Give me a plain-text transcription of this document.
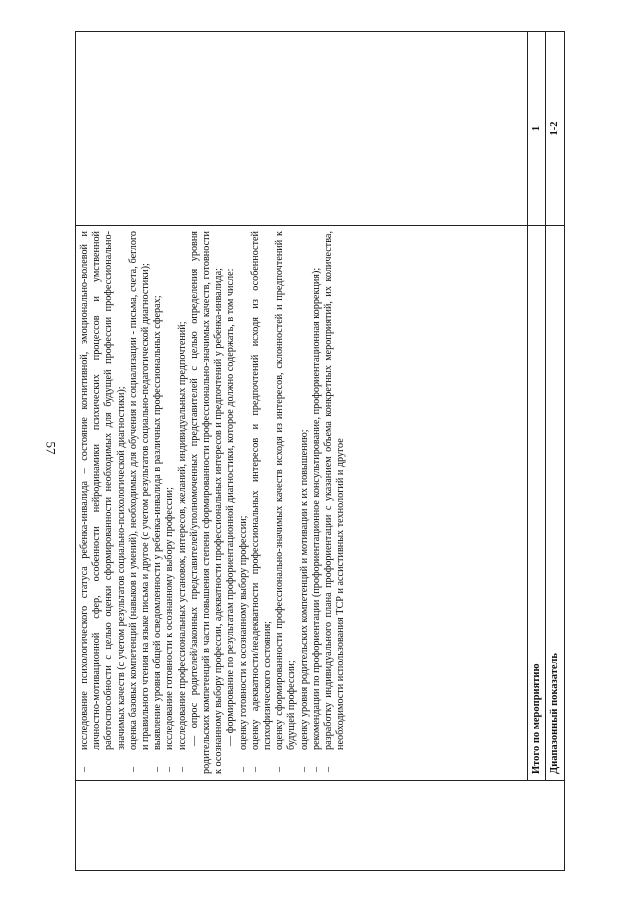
57
–
исследование психологического статуса ребенка-инвалида – состояние когнитивной, эмоционально-волевой и личностно-мотивационной сфер, особенности нейродинамики психических процессов и умственной работоспособности с целью оценки сформированности необходимых для будущей профессии профессионально-значимых качеств (с учетом результатов социально-психологической диагностики);
–
оценка базовых компетенций (навыков и умений), необходимых для обучения и социализации - письма, счета, беглого и правильного чтения на языке письма и другое (с учетом результатов социально-педагогической диагностики);
–
выявление уровня общей осведомленности у ребенка-инвалида в различных профессиональных сферах;
–
исследование готовности к осознанному выбору профессии;
–
исследование профессиональных установок, интересов, желаний, индивидуальных предпочтений; — опрос родителей/законных представителей/уполномоченных представителей с целью определения уровня родительских компетенций в части повышения степени сформированности профессионально-значимых качеств, готовности к осознанному выбору профессии, адекватности профессиональных интересов и предпочтений у ребенка-инвалида; — формирование по результатам профориентационной диагностики, которое должно содержать, в том числе:
–
оценку готовности к осознанному выбору профессии;
–
оценку адекватности/неадекватности профессиональных интересов и предпочтений исходя из особенностей психофизического состояния;
–
оценку сформированности профессионально-значимых качеств исходя из интересов, склонностей и предпочтений к будущей профессии;
–
оценку уровня родительских компетенций и мотивации к их повышению;
–
рекомендации по профориентации (профориентационное консультирование, профориентационная коррекция);
–
разработку индивидуального плана профориентации с указанием объема конкретных мероприятий, их количества, необходимости использования ТСР и ассистивных технологий и другое	Итого по мероприятию
1
Диапазонный показатель
1-2
